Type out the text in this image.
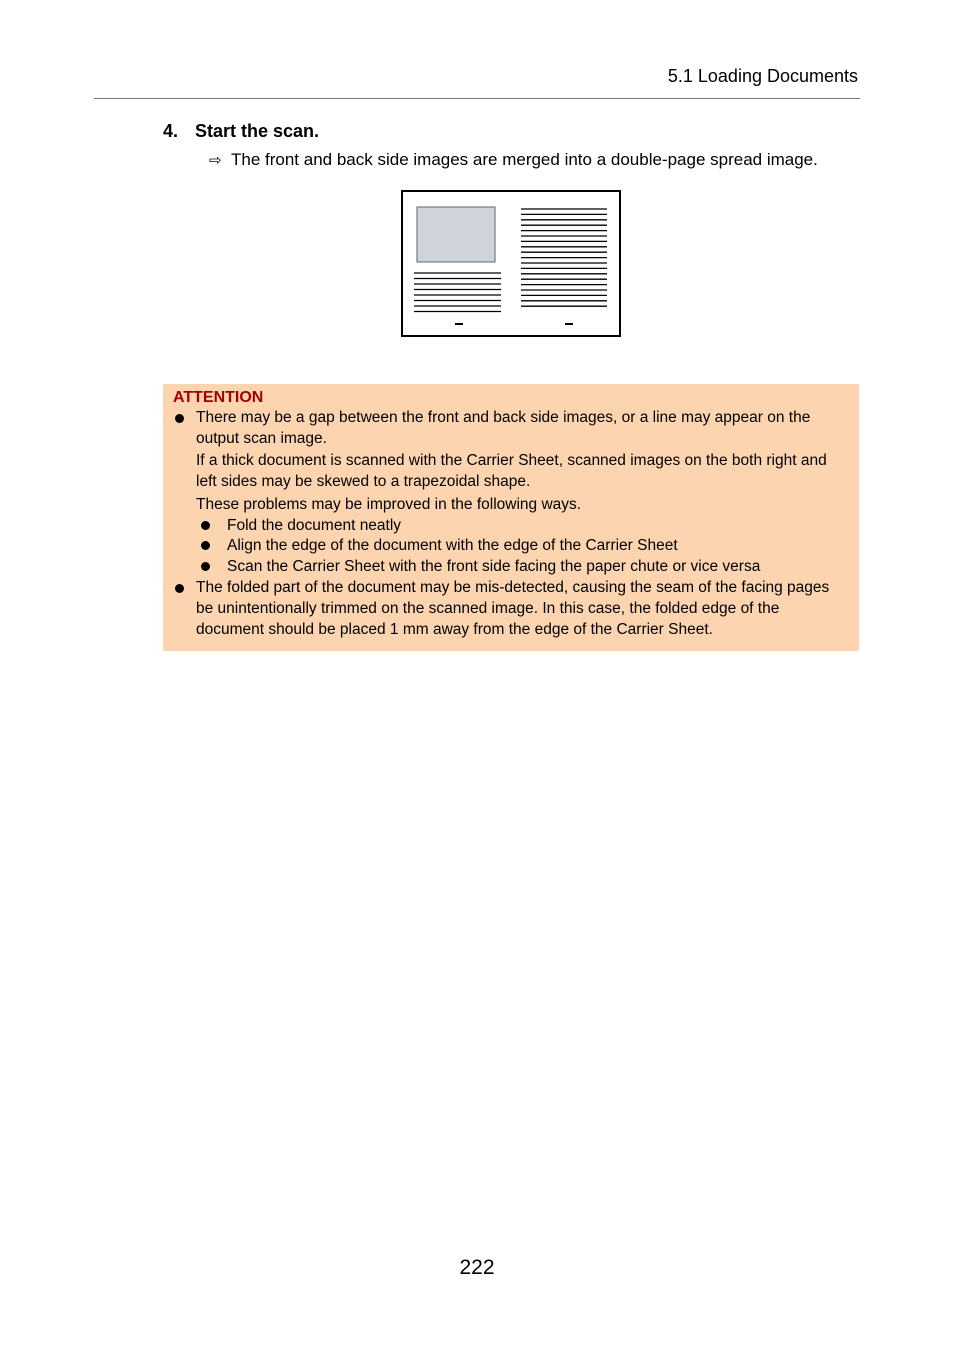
5.1 Loading Documents
4. Start the scan.
⇨ The front and back side images are merged into a double-page spread image.
ATTENTION
There may be a gap between the front and back side images, or a line may appear on the
output scan image.
If a thick document is scanned with the Carrier Sheet, scanned images on the both right and
left sides may be skewed to a trapezoidal shape.
These problems may be improved in the following ways.
Fold the document neatly
Align the edge of the document with the edge of the Carrier Sheet
Scan the Carrier Sheet with the front side facing the paper chute or vice versa
The folded part of the document may be mis-detected, causing the seam of the facing pages
be unintentionally trimmed on the scanned image. In this case, the folded edge of the
document should be placed 1 mm away from the edge of the Carrier Sheet.
222
